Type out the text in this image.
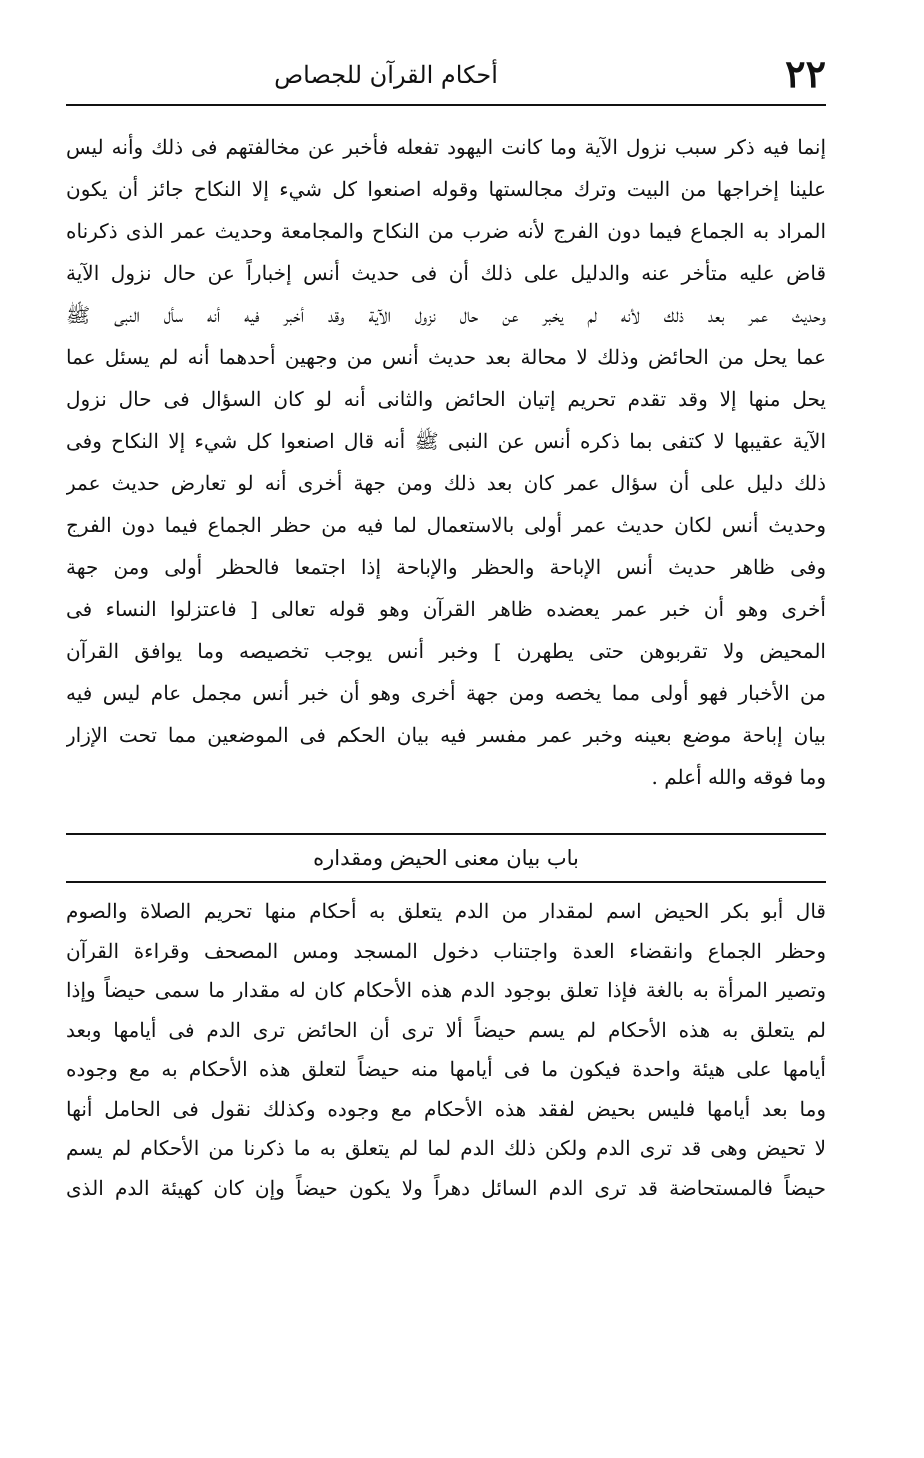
٢٢
أحكام القرآن للجصاص
إنما فيه ذكر سبب نزول الآية وما كانت اليهود تفعله فأخبر عن مخالفتهم فى ذلك وأنه ليس
علينا إخراجها من البيت وترك مجالستها وقوله اصنعوا كل شيء إلا النكاح جائز أن يكون
المراد به الجماع فيما دون الفرج لأنه ضرب من النكاح والمجامعة وحديث عمر الذى ذكرناه
قاض عليه متأخر عنه والدليل على ذلك أن فى حديث أنس إخباراً عن حال نزول الآية
وحديث عمر بعد ذلك لأنه لم يخبر عن حال نزول الآية وقد أخبر فيه أنه سأل النبى ﷺ
عما يحل من الحائض وذلك لا محالة بعد حديث أنس من وجهين أحدهما أنه لم يسئل عما
يحل منها إلا وقد تقدم تحريم إتيان الحائض والثانى أنه لو كان السؤال فى حال نزول
الآية عقيبها لا كتفى بما ذكره أنس عن النبى ﷺ أنه قال اصنعوا كل شيء إلا النكاح وفى
ذلك دليل على أن سؤال عمر كان بعد ذلك ومن جهة أخرى أنه لو تعارض حديث عمر
وحديث أنس لكان حديث عمر أولى بالاستعمال لما فيه من حظر الجماع فيما دون الفرج
وفى ظاهر حديث أنس الإباحة والحظر والإباحة إذا اجتمعا فالحظر أولى ومن جهة
أخرى وهو أن خبر عمر يعضده ظاهر القرآن وهو قوله تعالى [ فاعتزلوا النساء فى
المحيض ولا تقربوهن حتى يطهرن ] وخبر أنس يوجب تخصيصه وما يوافق القرآن
من الأخبار فهو أولى مما يخصه ومن جهة أخرى وهو أن خبر أنس مجمل عام ليس فيه
بيان إباحة موضع بعينه وخبر عمر مفسر فيه بيان الحكم فى الموضعين مما تحت الإزار
وما فوقه والله أعلم .
باب بيان معنى الحيض ومقداره
قال أبو بكر الحيض اسم لمقدار من الدم يتعلق به أحكام منها تحريم الصلاة والصوم
وحظر الجماع وانقضاء العدة واجتناب دخول المسجد ومس المصحف وقراءة القرآن
وتصير المرأة به بالغة فإذا تعلق بوجود الدم هذه الأحكام كان له مقدار ما سمى حيضاً وإذا
لم يتعلق به هذه الأحكام لم يسم حيضاً ألا ترى أن الحائض ترى الدم فى أيامها وبعد
أيامها على هيئة واحدة فيكون ما فى أيامها منه حيضاً لتعلق هذه الأحكام به مع وجوده
وما بعد أيامها فليس بحيض لفقد هذه الأحكام مع وجوده وكذلك نقول فى الحامل أنها
لا تحيض وهى قد ترى الدم ولكن ذلك الدم لما لم يتعلق به ما ذكرنا من الأحكام لم يسم
حيضاً فالمستحاضة قد ترى الدم السائل دهراً ولا يكون حيضاً وإن كان كهيئة الدم الذى
